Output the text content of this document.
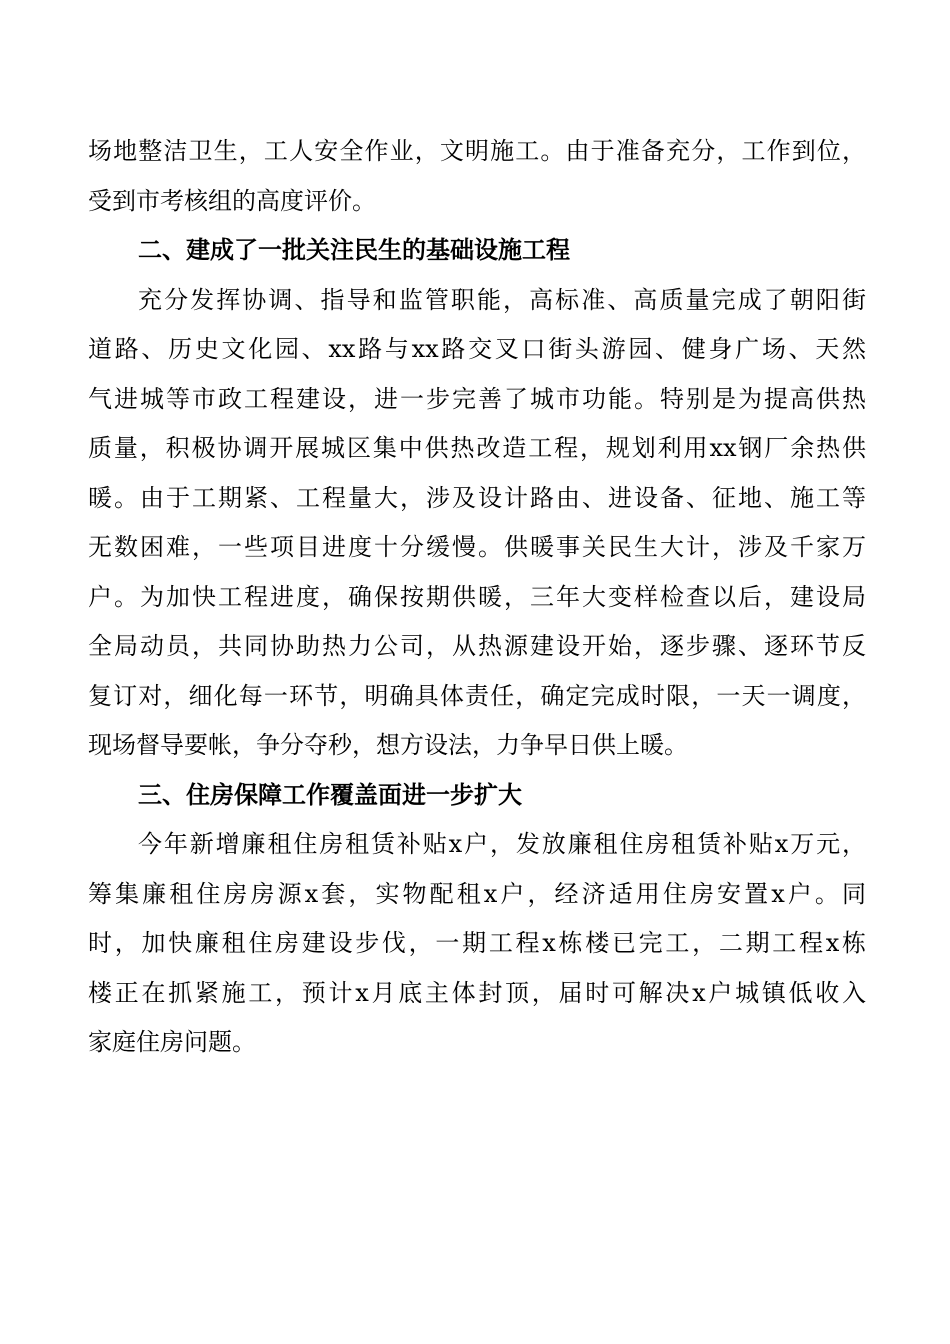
场地整洁卫生，工人安全作业，文明施工。由于准备充分，工作到位，
受到市考核组的高度评价。
二、建成了一批关注民生的基础设施工程
充分发挥协调、指导和监管职能，高标准、高质量完成了朝阳街
道路、历史文化园、xx路与xx路交叉口街头游园、健身广场、天然
气进城等市政工程建设，进一步完善了城市功能。特别是为提高供热
质量，积极协调开展城区集中供热改造工程，规划利用xx钢厂余热供
暖。由于工期紧、工程量大，涉及设计路由、进设备、征地、施工等
无数困难，一些项目进度十分缓慢。供暖事关民生大计，涉及千家万
户。为加快工程进度，确保按期供暖，三年大变样检查以后，建设局
全局动员，共同协助热力公司，从热源建设开始，逐步骤、逐环节反
复订对，细化每一环节，明确具体责任，确定完成时限，一天一调度，
现场督导要帐，争分夺秒，想方设法，力争早日供上暖。
三、住房保障工作覆盖面进一步扩大
今年新增廉租住房租赁补贴x户，发放廉租住房租赁补贴x万元，
筹集廉租住房房源x套，实物配租x户，经济适用住房安置x户。同
时，加快廉租住房建设步伐，一期工程x栋楼已完工，二期工程x栋
楼正在抓紧施工，预计x月底主体封顶，届时可解决x户城镇低收入
家庭住房问题。
